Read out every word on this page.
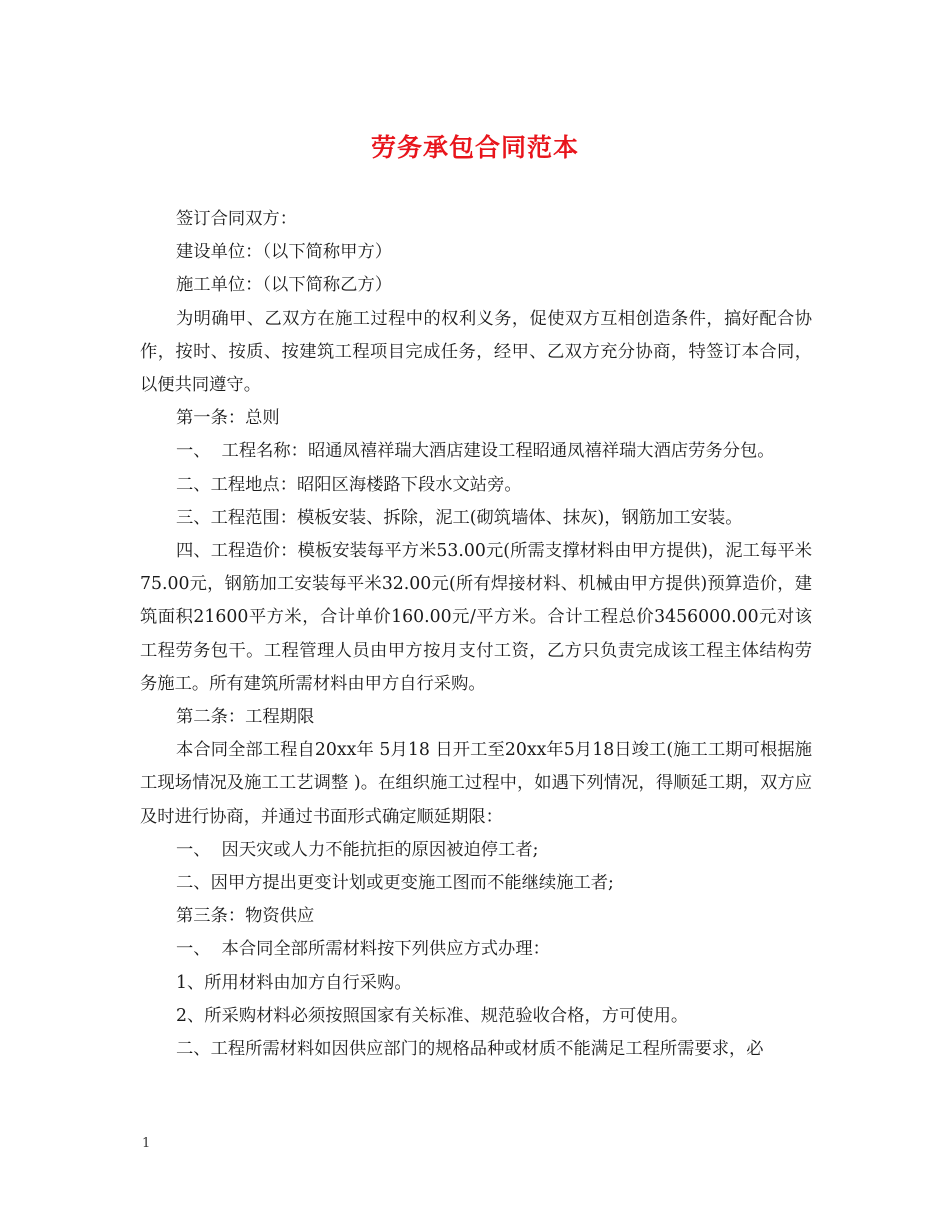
劳务承包合同范本

签订合同双方：

建设单位：（以下简称甲方）

施工单位：（以下简称乙方）

为明确甲、乙双方在施工过程中的权利义务，促使双方互相创造条件，搞好配合协作，按时、按质、按建筑工程项目完成任务，经甲、乙双方充分协商，特签订本合同，以便共同遵守。

第一条：总则

一、  工程名称：昭通凤禧祥瑞大酒店建设工程昭通凤禧祥瑞大酒店劳务分包。

二、工程地点：昭阳区海楼路下段水文站旁。

三、工程范围：模板安装、拆除，泥工(砌筑墙体、抹灰)，钢筋加工安装。

四、工程造价：模板安装每平方米53.00元(所需支撑材料由甲方提供)，泥工每平米75.00元，钢筋加工安装每平米32.00元(所有焊接材料、机械由甲方提供)预算造价，建筑面积21600平方米，合计单价160.00元/平方米。合计工程总价3456000.00元对该工程劳务包干。工程管理人员由甲方按月支付工资，乙方只负责完成该工程主体结构劳务施工。所有建筑所需材料由甲方自行采购。

第二条：工程期限

本合同全部工程自20xx年 5月18 日开工至20xx年5月18日竣工(施工工期可根据施工现场情况及施工工艺调整 )。在组织施工过程中，如遇下列情况，得顺延工期，双方应及时进行协商，并通过书面形式确定顺延期限：

一、  因天灾或人力不能抗拒的原因被迫停工者;

二、因甲方提出更变计划或更变施工图而不能继续施工者;

第三条：物资供应

一、  本合同全部所需材料按下列供应方式办理：

1、所用材料由加方自行采购。

2、所采购材料必须按照国家有关标准、规范验收合格，方可使用。

二、工程所需材料如因供应部门的规格品种或材质不能满足工程所需要求，必

1
